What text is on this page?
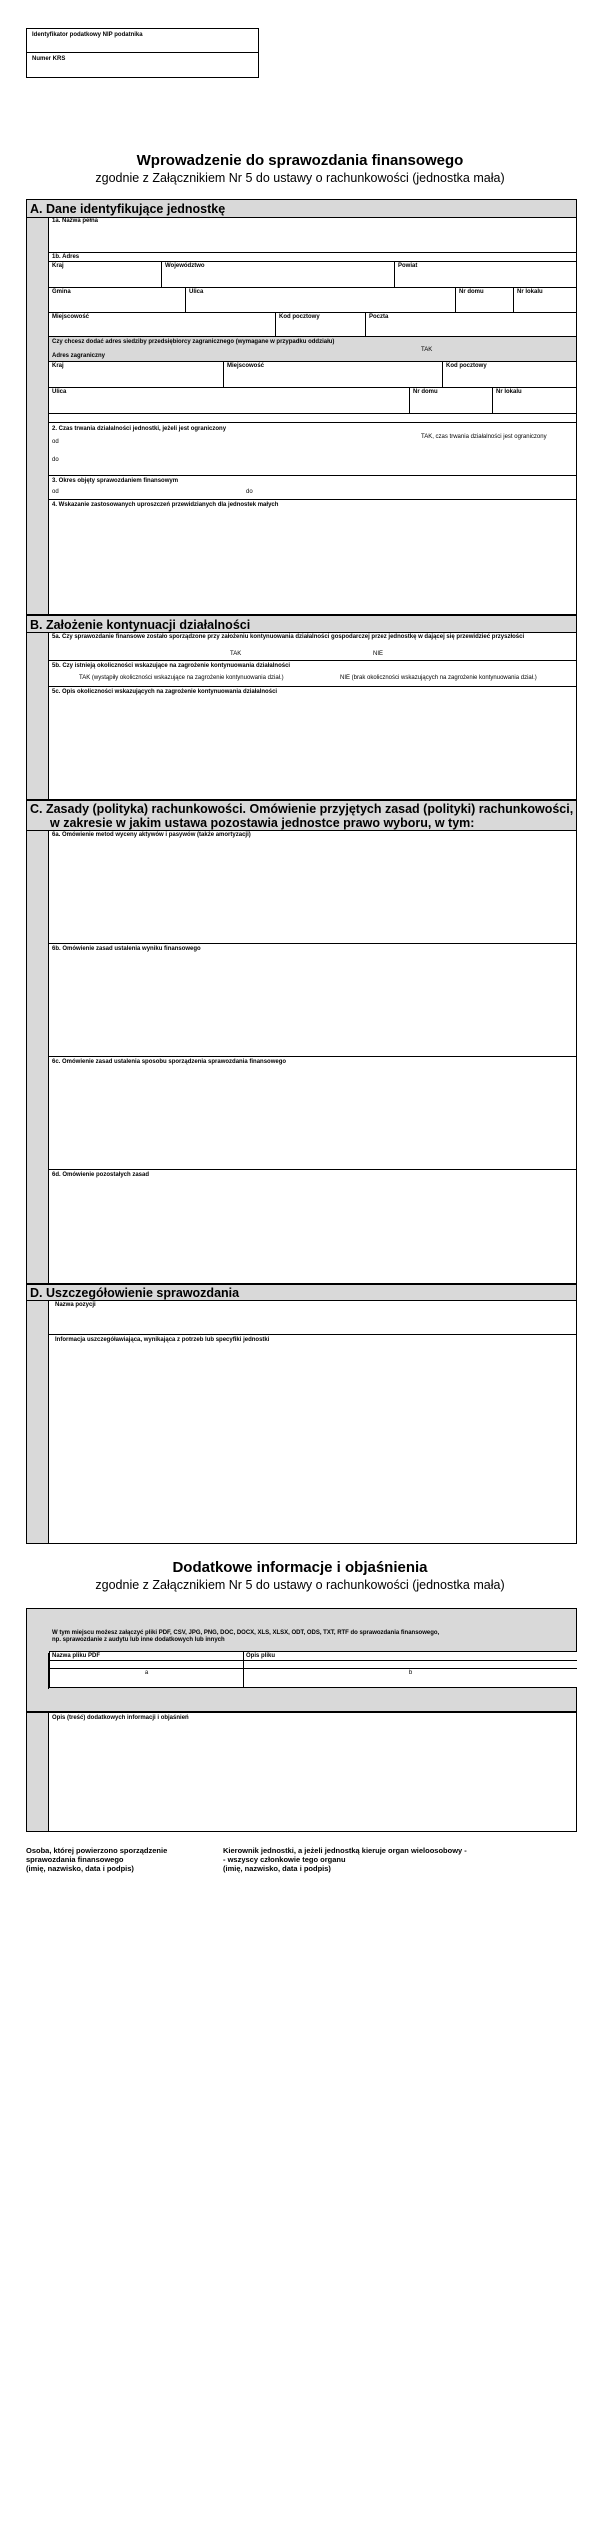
Identyfikator podatkowy NIP podatnika
Numer KRS
Wprowadzenie do sprawozdania finansowego
zgodnie z Załącznikiem Nr 5 do ustawy o rachunkowości (jednostka mała)
A. Dane identyfikujące jednostkę
1a. Nazwa pełna
1b. Adres
Kraj	Województwo	Powiat
Gmina	Ulica	Nr domu	Nr lokalu
Miejscowość	Kod pocztowy	Poczta
Czy chcesz dodać adres siedziby przedsiębiorcy zagranicznego (wymagane w przypadku oddziału)
TAK
Adres zagraniczny
Kraj	Miejscowość	Kod pocztowy
Ulica	Nr domu	Nr lokalu
2. Czas trwania działalności jednostki, jeżeli jest ograniczony
TAK, czas trwania działalności jest ograniczony
od
do
3. Okres objęty sprawozdaniem finansowym
od	do
4. Wskazanie zastosowanych uproszczeń przewidzianych dla jednostek małych
B. Założenie kontynuacji działalności
5a. Czy sprawozdanie finansowe zostało sporządzone przy założeniu kontynuowania działalności gospodarczej przez jednostkę w dającej się przewidzieć przyszłości
TAK	NIE
5b. Czy istnieją okoliczności wskazujące na zagrożenie kontynuowania działalności
TAK (wystąpiły okoliczności wskazujące na zagrożenie kontynuowania dział.)	NIE (brak okoliczności wskazujących na zagrożenie kontynuowania dział.)
5c. Opis okoliczności wskazujących na zagrożenie kontynuowania działalności
C. Zasady (polityka) rachunkowości. Omówienie przyjętych zasad (polityki) rachunkowości,
w zakresie w jakim ustawa pozostawia jednostce prawo wyboru, w tym:
6a. Omówienie metod wyceny aktywów i pasywów (także amortyzacji)
6b. Omówienie zasad ustalenia wyniku finansowego
6c. Omówienie zasad ustalenia sposobu sporządzenia sprawozdania finansowego
6d. Omówienie pozostałych zasad
D. Uszczegółowienie sprawozdania
Nazwa pozycji
Informacja uszczegóławiająca, wynikająca z potrzeb lub specyfiki jednostki
Dodatkowe informacje i objaśnienia
zgodnie z Załącznikiem Nr 5 do ustawy o rachunkowości (jednostka mała)
W tym miejscu możesz załączyć pliki PDF, CSV, JPG, PNG, DOC, DOCX, XLS, XLSX, ODT, ODS, TXT, RTF do sprawozdania finansowego,
np. sprawozdanie z audytu lub inne dodatkowych lub innych
Nazwa pliku PDF	Opis pliku
a	b
Opis (treść) dodatkowych informacji i objaśnień
Osoba, której powierzono sporządzenie
sprawozdania finansowego
(imię, nazwisko, data i podpis)
Kierownik jednostki, a jeżeli jednostką kieruje organ wieloosobowy -
- wszyscy członkowie tego organu
(imię, nazwisko, data i podpis)
